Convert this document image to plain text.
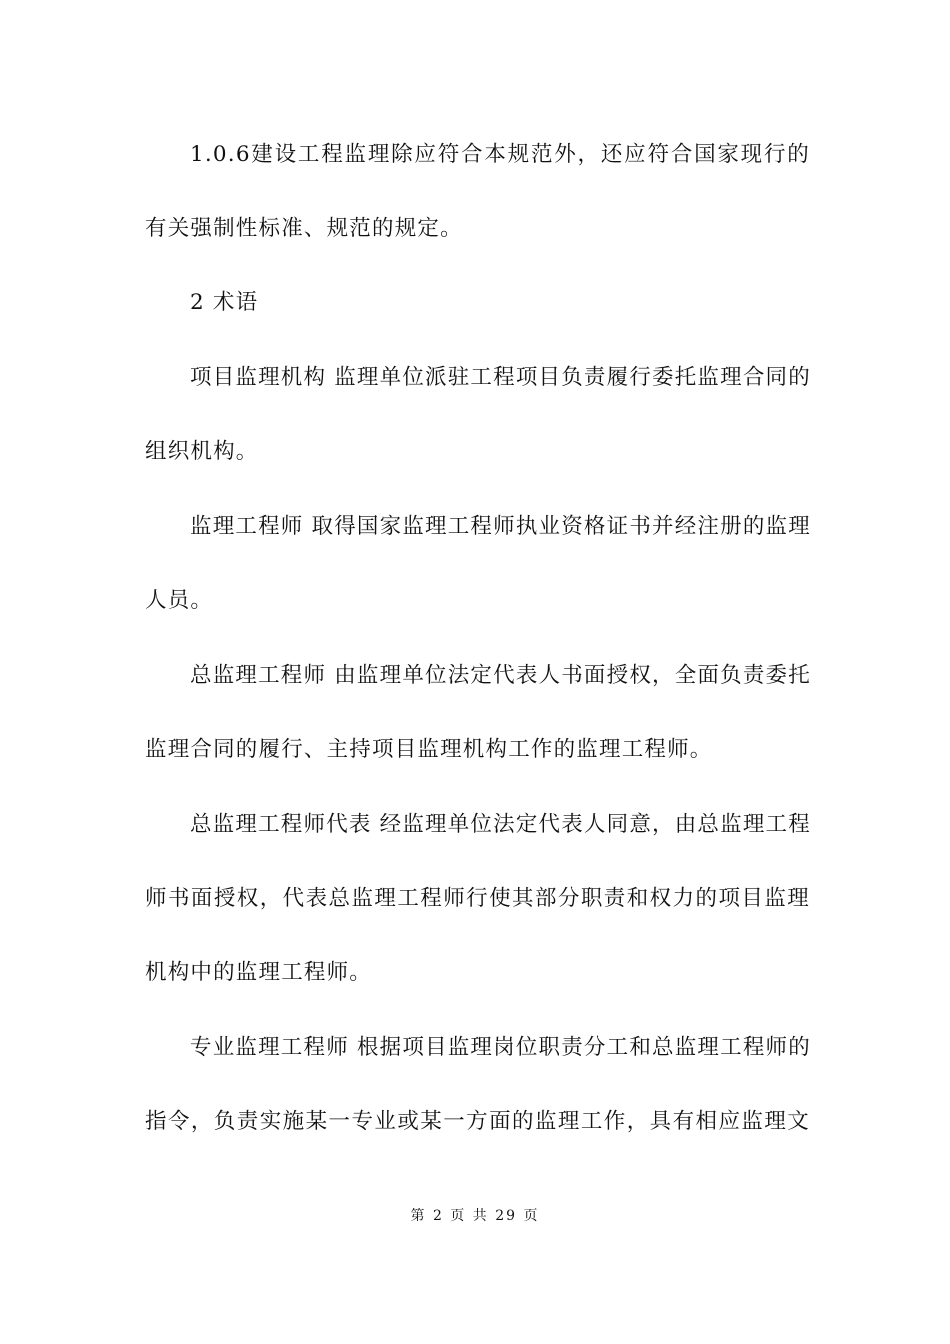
1.0.6建设工程监理除应符合本规范外，还应符合国家现行的
有关强制性标准、规范的规定。
2 术语
项目监理机构 监理单位派驻工程项目负责履行委托监理合同的
组织机构。
监理工程师 取得国家监理工程师执业资格证书并经注册的监理
人员。
总监理工程师 由监理单位法定代表人书面授权，全面负责委托
监理合同的履行、主持项目监理机构工作的监理工程师。
总监理工程师代表 经监理单位法定代表人同意，由总监理工程
师书面授权，代表总监理工程师行使其部分职责和权力的项目监理
机构中的监理工程师。
专业监理工程师 根据项目监理岗位职责分工和总监理工程师的
指令，负责实施某一专业或某一方面的监理工作，具有相应监理文
第 2 页 共 29 页
